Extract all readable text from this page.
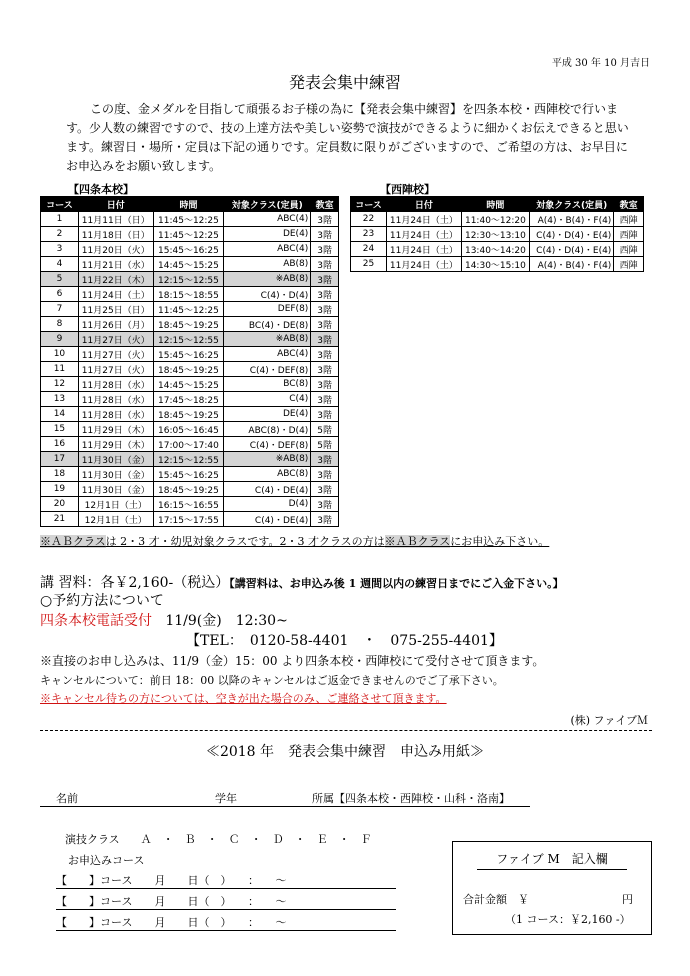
平成 30 年 10 月吉日
発表会集中練習
この度、金メダルを目指して頑張るお子様の為に【発表会集中練習】を四条本校・西陣校で行います。少人数の練習ですので、技の上達方法や美しい姿勢で演技ができるように細かくお伝えできると思います。練習日・場所・定員は下記の通りです。定員数に限りがございますので、ご希望の方は、お早目にお申込みをお願い致します。
【四条本校】
コース	日付	時間	対象クラス(定員)	教室
1	11月11日（日）	11:45～12:25	ABC(4)	3階
2	11月18日（日）	11:45～12:25	DE(4)	3階
3	11月20日（火）	15:45～16:25	ABC(4)	3階
4	11月21日（水）	14:45～15:25	AB(8)	3階
5	11月22日（木）	12:15～12:55	※AB(8)	3階
6	11月24日（土）	18:15～18:55	C(4)・D(4)	3階
7	11月25日（日）	11:45～12:25	DEF(8)	3階
8	11月26日（月）	18:45～19:25	BC(4)・DE(8)	3階
9	11月27日（火）	12:15～12:55	※AB(8)	3階
10	11月27日（火）	15:45～16:25	ABC(4)	3階
11	11月27日（火）	18:45～19:25	C(4)・DEF(8)	3階
12	11月28日（水）	14:45～15:25	BC(8)	3階
13	11月28日（水）	17:45～18:25	C(4)	3階
14	11月28日（水）	18:45～19:25	DE(4)	3階
15	11月29日（木）	16:05～16:45	ABC(8)・D(4)	5階
16	11月29日（木）	17:00～17:40	C(4)・DEF(8)	5階
17	11月30日（金）	12:15～12:55	※AB(8)	3階
18	11月30日（金）	15:45～16:25	ABC(8)	3階
19	11月30日（金）	18:45～19:25	C(4)・DE(4)	3階
20	12月1日（土）	16:15～16:55	D(4)	3階
21	12月1日（土）	17:15～17:55	C(4)・DE(4)	3階
【西陣校】
コース	日付	時間	対象クラス(定員)	教室
22	11月24日（土）	11:40～12:20	A(4)・B(4)・F(4)	西陣
23	11月24日（土）	12:30～13:10	C(4)・D(4)・E(4)	西陣
24	11月24日（土）	13:40～14:20	C(4)・D(4)・E(4)	西陣
25	11月24日（土）	14:30～15:10	A(4)・B(4)・F(4)	西陣
※ＡＢクラスは 2・3 才・幼児対象クラスです。2・3 才クラスの方は※ＡＢクラスにお申込み下さい。
講 習料：各￥2,160-（税込）【講習料は、お申込み後 1 週間以内の練習日までにご入金下さい。】
○予約方法について
四条本校電話受付 11/9(金)　12:30~
【TEL：　0120-58-4401　・　075-255-4401】
※直接のお申し込みは、11/9（金）15：00 より四条本校・西陣校にて受付させて頂きます。
キャンセルについて：前日 18：00 以降のキャンセルはご返金できませんのでご了承下さい。
※キャンセル待ちの方については、空きが出た場合のみ、ご連絡させて頂きます。
(株) ファイブＭ
≪2018 年　発表会集中練習　申込み用紙≫
名前	学年	所属【四条本校・西陣校・山科・洛南】
演技クラス Ａ　・　Ｂ　・　Ｃ　・　Ｄ　・　Ｅ　・　Ｆ
お申込みコース
【　　】コース　　月　　日（　）　　：　　～
【　　】コース　　月　　日（　）　　：　　～
【　　】コース　　月　　日（　）　　：　　～
ファイブ M　記入欄
合計金額　￥	円
（1 コース：￥2,160 -）
